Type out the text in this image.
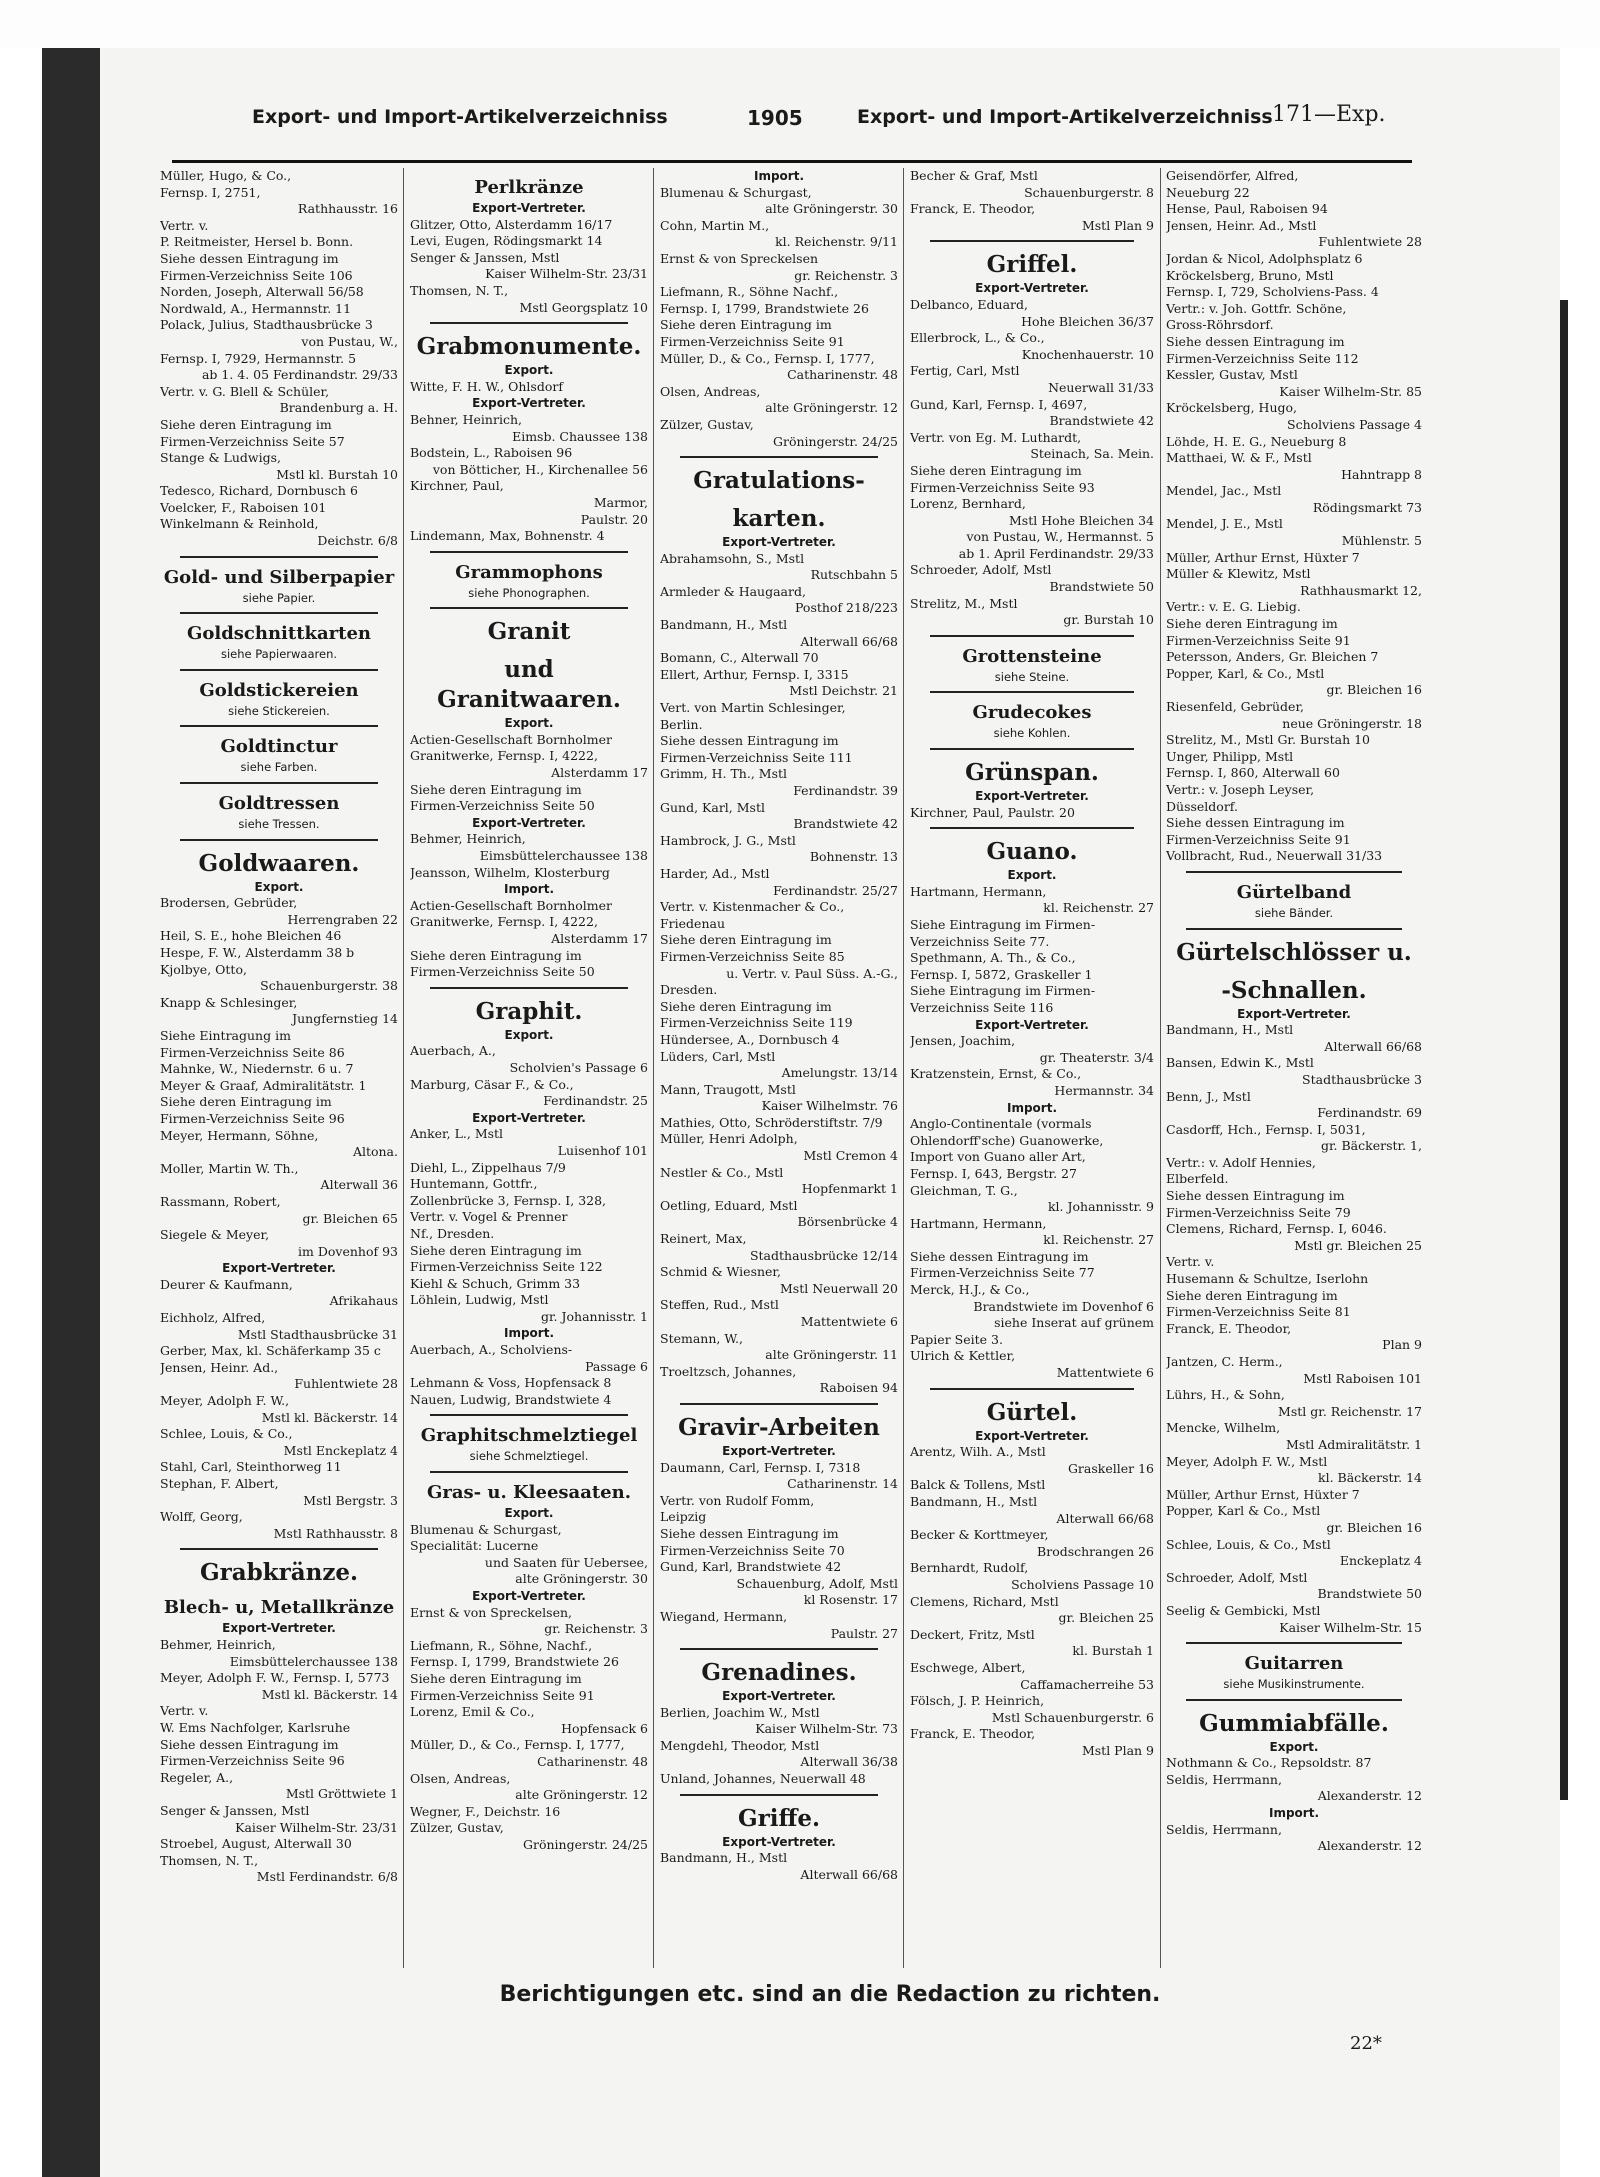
Export- und Import-Artikelverzeichniss	1905	Export- und Import-Artikelverzeichniss 171—Exp.
Müller, Hugo, & Co.,
Fernsp. I, 2751,
Rathhausstr. 16
Vertr. v.
P. Reitmeister, Hersel b. Bonn.
Siehe dessen Eintragung im
Firmen-Verzeichniss Seite 106
Norden, Joseph, Alterwall 56/58
Nordwald, A., Hermannstr. 11
Polack, Julius, Stadthausbrücke 3
von Pustau, W.,
Fernsp. I, 7929, Hermannstr. 5
ab 1. 4. 05 Ferdinandstr. 29/33
Vertr. v. G. Blell & Schüler,
Brandenburg a. H.
Siehe deren Eintragung im
Firmen-Verzeichniss Seite 57
Stange & Ludwigs,
Mstl kl. Burstah 10
Tedesco, Richard, Dornbusch 6
Voelcker, F., Raboisen 101
Winkelmann & Reinhold,
Deichstr. 6/8
Gold- und Silberpapier
siehe Papier.
Goldschnittkarten
siehe Papierwaaren.
Goldstickereien
siehe Stickereien.
Goldtinctur
siehe Farben.
Goldtressen
siehe Tressen.
Goldwaaren.
Export.
Brodersen, Gebrüder,
Herrengraben 22
Heil, S. E., hohe Bleichen 46
Hespe, F. W., Alsterdamm 38 b
Kjolbye, Otto,
Schauenburgerstr. 38
Knapp & Schlesinger,
Jungfernstieg 14
Siehe Eintragung im
Firmen-Verzeichniss Seite 86
Mahnke, W., Niedernstr. 6 u. 7
Meyer & Graaf, Admiralitätstr. 1
Siehe deren Eintragung im
Firmen-Verzeichniss Seite 96
Meyer, Hermann, Söhne,
Altona.
Moller, Martin W. Th.,
Alterwall 36
Rassmann, Robert,
gr. Bleichen 65
Siegele & Meyer,
im Dovenhof 93
Export-Vertreter.
Deurer & Kaufmann,
Afrikahaus
Eichholz, Alfred,
Mstl Stadthausbrücke 31
Gerber, Max, kl. Schäferkamp 35 c
Jensen, Heinr. Ad.,
Fuhlentwiete 28
Meyer, Adolph F. W.,
Mstl kl. Bäckerstr. 14
Schlee, Louis, & Co.,
Mstl Enckeplatz 4
Stahl, Carl, Steinthorweg 11
Stephan, F. Albert,
Mstl Bergstr. 3
Wolff, Georg,
Mstl Rathhausstr. 8
Grabkränze.
Blech- u, Metallkränze
Export-Vertreter.
Behmer, Heinrich,
Eimsbüttelerchaussee 138
Meyer, Adolph F. W., Fernsp. I, 5773
Mstl kl. Bäckerstr. 14
Vertr. v.
W. Ems Nachfolger, Karlsruhe
Siehe dessen Eintragung im
Firmen-Verzeichniss Seite 96
Regeler, A.,
Mstl Gröttwiete 1
Senger & Janssen, Mstl
Kaiser Wilhelm-Str. 23/31
Stroebel, August, Alterwall 30
Thomsen, N. T.,
Mstl Ferdinandstr. 6/8
Perlkränze
Export-Vertreter.
Glitzer, Otto, Alsterdamm 16/17
Levi, Eugen, Rödingsmarkt 14
Senger & Janssen, Mstl
Kaiser Wilhelm-Str. 23/31
Thomsen, N. T.,
Mstl Georgsplatz 10
Grabmonumente.
Export.
Witte, F. H. W., Ohlsdorf
Export-Vertreter.
Behner, Heinrich,
Eimsb. Chaussee 138
Bodstein, L., Raboisen 96
von Bötticher, H., Kirchenallee 56
Kirchner, Paul,
Marmor,
Paulstr. 20
Lindemann, Max, Bohnenstr. 4
Grammophons
siehe Phonographen.
Granit
und Granitwaaren.
Export.
Actien-Gesellschaft Bornholmer
Granitwerke, Fernsp. I, 4222,
Alsterdamm 17
Siehe deren Eintragung im
Firmen-Verzeichniss Seite 50
Export-Vertreter.
Behmer, Heinrich,
Eimsbüttelerchaussee 138
Jeansson, Wilhelm, Klosterburg
Import.
Actien-Gesellschaft Bornholmer
Granitwerke, Fernsp. I, 4222,
Alsterdamm 17
Siehe deren Eintragung im
Firmen-Verzeichniss Seite 50
Graphit.
Export.
Auerbach, A.,
Scholvien's Passage 6
Marburg, Cäsar F., & Co.,
Ferdinandstr. 25
Export-Vertreter.
Anker, L., Mstl
Luisenhof 101
Diehl, L., Zippelhaus 7/9
Huntemann, Gottfr.,
Zollenbrücke 3, Fernsp. I, 328,
Vertr. v. Vogel & Prenner
Nf., Dresden.
Siehe deren Eintragung im
Firmen-Verzeichniss Seite 122
Kiehl & Schuch, Grimm 33
Löhlein, Ludwig, Mstl
gr. Johannisstr. 1
Import.
Auerbach, A., Scholviens-
Passage 6
Lehmann & Voss, Hopfensack 8
Nauen, Ludwig, Brandstwiete 4
Graphitschmelztiegel
siehe Schmelztiegel.
Gras- u. Kleesaaten.
Export.
Blumenau & Schurgast,
Specialität: Lucerne
und Saaten für Uebersee,
alte Gröningerstr. 30
Export-Vertreter.
Ernst & von Spreckelsen,
gr. Reichenstr. 3
Liefmann, R., Söhne, Nachf.,
Fernsp. I, 1799, Brandstwiete 26
Siehe deren Eintragung im
Firmen-Verzeichniss Seite 91
Lorenz, Emil & Co.,
Hopfensack 6
Müller, D., & Co., Fernsp. I, 1777,
Catharinenstr. 48
Olsen, Andreas,
alte Gröningerstr. 12
Wegner, F., Deichstr. 16
Zülzer, Gustav,
Gröningerstr. 24/25
Import.
Blumenau & Schurgast,
alte Gröningerstr. 30
Cohn, Martin M.,
kl. Reichenstr. 9/11
Ernst & von Spreckelsen
gr. Reichenstr. 3
Liefmann, R., Söhne Nachf.,
Fernsp. I, 1799, Brandstwiete 26
Siehe deren Eintragung im
Firmen-Verzeichniss Seite 91
Müller, D., & Co., Fernsp. I, 1777,
Catharinenstr. 48
Olsen, Andreas,
alte Gröningerstr. 12
Zülzer, Gustav,
Gröningerstr. 24/25
Gratulations-
karten.
Export-Vertreter.
Abrahamsohn, S., Mstl
Rutschbahn 5
Armleder & Haugaard,
Posthof 218/223
Bandmann, H., Mstl
Alterwall 66/68
Bomann, C., Alterwall 70
Ellert, Arthur, Fernsp. I, 3315
Mstl Deichstr. 21
Vert. von Martin Schlesinger,
Berlin.
Siehe dessen Eintragung im
Firmen-Verzeichniss Seite 111
Grimm, H. Th., Mstl
Ferdinandstr. 39
Gund, Karl, Mstl
Brandstwiete 42
Hambrock, J. G., Mstl
Bohnenstr. 13
Harder, Ad., Mstl
Ferdinandstr. 25/27
Vertr. v. Kistenmacher & Co.,
Friedenau
Siehe deren Eintragung im
Firmen-Verzeichniss Seite 85
u. Vertr. v. Paul Süss. A.-G.,
Dresden.
Siehe deren Eintragung im
Firmen-Verzeichniss Seite 119
Hündersee, A., Dornbusch 4
Lüders, Carl, Mstl
Amelungstr. 13/14
Mann, Traugott, Mstl
Kaiser Wilhelmstr. 76
Mathies, Otto, Schröderstiftstr. 7/9
Müller, Henri Adolph,
Mstl Cremon 4
Nestler & Co., Mstl
Hopfenmarkt 1
Oetling, Eduard, Mstl
Börsenbrücke 4
Reinert, Max,
Stadthausbrücke 12/14
Schmid & Wiesner,
Mstl Neuerwall 20
Steffen, Rud., Mstl
Mattentwiete 6
Stemann, W.,
alte Gröningerstr. 11
Troeltzsch, Johannes,
Raboisen 94
Gravir-Arbeiten
Export-Vertreter.
Daumann, Carl, Fernsp. I, 7318
Catharinenstr. 14
Vertr. von Rudolf Fomm,
Leipzig
Siehe dessen Eintragung im
Firmen-Verzeichniss Seite 70
Gund, Karl, Brandstwiete 42
Schauenburg, Adolf, Mstl
kl Rosenstr. 17
Wiegand, Hermann,
Paulstr. 27
Grenadines.
Export-Vertreter.
Berlien, Joachim W., Mstl
Kaiser Wilhelm-Str. 73
Mengdehl, Theodor, Mstl
Alterwall 36/38
Unland, Johannes, Neuerwall 48
Griffe.
Export-Vertreter.
Bandmann, H., Mstl
Alterwall 66/68
Becher & Graf, Mstl
Schauenburgerstr. 8
Franck, E. Theodor,
Mstl Plan 9
Griffel.
Export-Vertreter.
Delbanco, Eduard,
Hohe Bleichen 36/37
Ellerbrock, L., & Co.,
Knochenhauerstr. 10
Fertig, Carl, Mstl
Neuerwall 31/33
Gund, Karl, Fernsp. I, 4697,
Brandstwiete 42
Vertr. von Eg. M. Luthardt,
Steinach, Sa. Mein.
Siehe deren Eintragung im
Firmen-Verzeichniss Seite 93
Lorenz, Bernhard,
Mstl Hohe Bleichen 34
von Pustau, W., Hermannst. 5
ab 1. April Ferdinandstr. 29/33
Schroeder, Adolf, Mstl
Brandstwiete 50
Strelitz, M., Mstl
gr. Burstah 10
Grottensteine
siehe Steine.
Grudecokes
siehe Kohlen.
Grünspan.
Export-Vertreter.
Kirchner, Paul, Paulstr. 20
Guano.
Export.
Hartmann, Hermann,
kl. Reichenstr. 27
Siehe Eintragung im Firmen-
Verzeichniss Seite 77.
Spethmann, A. Th., & Co.,
Fernsp. I, 5872, Graskeller 1
Siehe Eintragung im Firmen-
Verzeichniss Seite 116
Export-Vertreter.
Jensen, Joachim,
gr. Theaterstr. 3/4
Kratzenstein, Ernst, & Co.,
Hermannstr. 34
Import.
Anglo-Continentale (vormals
Ohlendorff'sche) Guanowerke,
Import von Guano aller Art,
Fernsp. I, 643, Bergstr. 27
Gleichman, T. G.,
kl. Johannisstr. 9
Hartmann, Hermann,
kl. Reichenstr. 27
Siehe dessen Eintragung im
Firmen-Verzeichniss Seite 77
Merck, H.J., & Co.,
Brandstwiete im Dovenhof 6
siehe Inserat auf grünem
Papier Seite 3.
Ulrich & Kettler,
Mattentwiete 6
Gürtel.
Export-Vertreter.
Arentz, Wilh. A., Mstl
Graskeller 16
Balck & Tollens, Mstl
Bandmann, H., Mstl
Alterwall 66/68
Becker & Korttmeyer,
Brodschrangen 26
Bernhardt, Rudolf,
Scholviens Passage 10
Clemens, Richard, Mstl
gr. Bleichen 25
Deckert, Fritz, Mstl
kl. Burstah 1
Eschwege, Albert,
Caffamacherreihe 53
Fölsch, J. P. Heinrich,
Mstl Schauenburgerstr. 6
Franck, E. Theodor,
Mstl Plan 9
Geisendörfer, Alfred,
Neueburg 22
Hense, Paul, Raboisen 94
Jensen, Heinr. Ad., Mstl
Fuhlentwiete 28
Jordan & Nicol, Adolphsplatz 6
Kröckelsberg, Bruno, Mstl
Fernsp. I, 729, Scholviens-Pass. 4
Vertr.: v. Joh. Gottfr. Schöne,
Gross-Röhrsdorf.
Siehe dessen Eintragung im
Firmen-Verzeichniss Seite 112
Kessler, Gustav, Mstl
Kaiser Wilhelm-Str. 85
Kröckelsberg, Hugo,
Scholviens Passage 4
Löhde, H. E. G., Neueburg 8
Matthaei, W. & F., Mstl
Hahntrapp 8
Mendel, Jac., Mstl
Rödingsmarkt 73
Mendel, J. E., Mstl
Mühlenstr. 5
Müller, Arthur Ernst, Hüxter 7
Müller & Klewitz, Mstl
Rathhausmarkt 12,
Vertr.: v. E. G. Liebig.
Siehe deren Eintragung im
Firmen-Verzeichniss Seite 91
Petersson, Anders, Gr. Bleichen 7
Popper, Karl, & Co., Mstl
gr. Bleichen 16
Riesenfeld, Gebrüder,
neue Gröningerstr. 18
Strelitz, M., Mstl Gr. Burstah 10
Unger, Philipp, Mstl
Fernsp. I, 860, Alterwall 60
Vertr.: v. Joseph Leyser,
Düsseldorf.
Siehe dessen Eintragung im
Firmen-Verzeichniss Seite 91
Vollbracht, Rud., Neuerwall 31/33
Gürtelband
siehe Bänder.
Gürtelschlösser u.
-Schnallen.
Export-Vertreter.
Bandmann, H., Mstl
Alterwall 66/68
Bansen, Edwin K., Mstl
Stadthausbrücke 3
Benn, J., Mstl
Ferdinandstr. 69
Casdorff, Hch., Fernsp. I, 5031,
gr. Bäckerstr. 1,
Vertr.: v. Adolf Hennies,
Elberfeld.
Siehe dessen Eintragung im
Firmen-Verzeichniss Seite 79
Clemens, Richard, Fernsp. I, 6046.
Mstl gr. Bleichen 25
Vertr. v.
Husemann & Schultze, Iserlohn
Siehe deren Eintragung im
Firmen-Verzeichniss Seite 81
Franck, E. Theodor,
Plan 9
Jantzen, C. Herm.,
Mstl Raboisen 101
Lührs, H., & Sohn,
Mstl gr. Reichenstr. 17
Mencke, Wilhelm,
Mstl Admiralitätstr. 1
Meyer, Adolph F. W., Mstl
kl. Bäckerstr. 14
Müller, Arthur Ernst, Hüxter 7
Popper, Karl & Co., Mstl
gr. Bleichen 16
Schlee, Louis, & Co., Mstl
Enckeplatz 4
Schroeder, Adolf, Mstl
Brandstwiete 50
Seelig & Gembicki, Mstl
Kaiser Wilhelm-Str. 15
Guitarren
siehe Musikinstrumente.
Gummiabfälle.
Export.
Nothmann & Co., Repsoldstr. 87
Seldis, Herrmann,
Alexanderstr. 12
Import.
Seldis, Herrmann,
Alexanderstr. 12
Berichtigungen etc. sind an die Redaction zu richten.
22*
